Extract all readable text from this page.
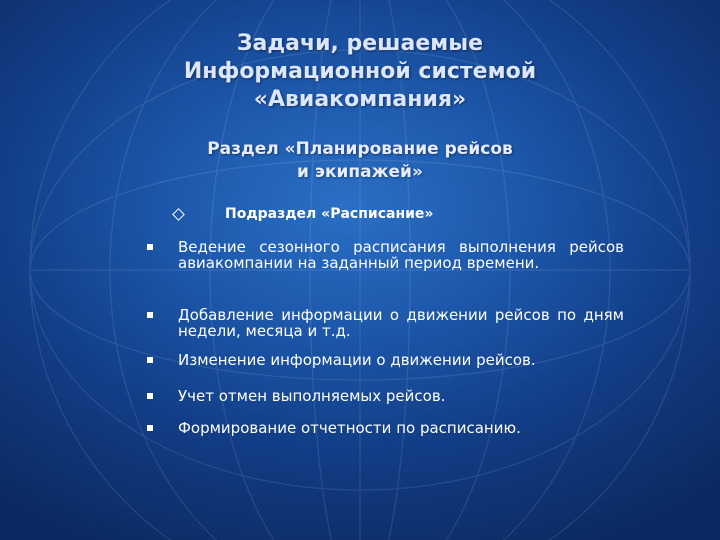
Задачи, решаемые
Информационной системой
«Авиакомпания»
Раздел «Планирование рейсов
и экипажей»
Подраздел «Расписание»
Ведение сезонного расписания выполнения рейсов авиакомпании на заданный период времени.
Добавление информации о движении рейсов по дням недели, месяца и т.д.
Изменение информации о движении рейсов.
Учет отмен выполняемых рейсов.
Формирование отчетности по расписанию.
